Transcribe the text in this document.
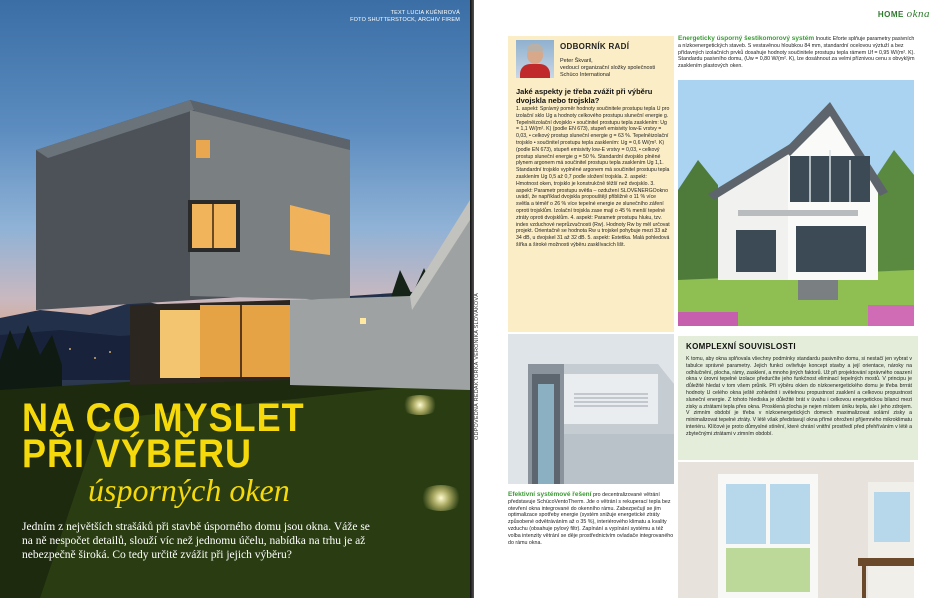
TEXT LUCIA KUĚNIROVÁ
FOTO SHUTTERSTOCK, ARCHIV FIREM
NA CO MYSLET
PŘI VÝBĚRU
úsporných oken
Jedním z největších strašáků při stavbě úsporného domu jsou okna. Váže se na ně nespočet detailů, slouží víc než jednomu účelu, nabídka na trhu je až nebezpečně široká. Co tedy určitě zvážit při jejich výběru?
ODPOVĚDNÁ REDAKTORKA VERONIKA SLOVÁKOVÁ
HOME okna
ODBORNÍK RADÍ
Peter Škvaril,
vedoucí organizační složky společnosti Schüco International
Jaké aspekty je třeba zvážit při výběru dvojskla nebo trojskla?
1. aspekt: Správný poměr hodnoty součinitele prostupu tepla U pro izolační sklo Ug a hodnoty celkového prostupu sluneční energie g. Tepelněizolační dvojsklo • součinitel prostupu tepla zasklením: Ug = 1,1 W/(m². K) (podle EN 673), stupeň emisivity low-E vrstvy = 0,03, • celkový prostup sluneční energie g = 63 %. Tepelněizolační trojsklo • součinitel prostupu tepla zasklením: Ug = 0,6 W/(m². K) (podle EN 673), stupeň emisivity low-E vrstvy = 0,03, • celkový prostup sluneční energie g = 50 %. Standardní dvojsklo plněné plynem argonem má součinitel prostupu tepla zasklením Ug 1,1. Standardní trojsklo vyplněné argonem má součinitel prostupu tepla zasklením Ug 0,5 až 0,7 podle složení trojskla. 2. aspekt: Hmotnost oken, trojsklo je konstrukčně těžší než dvojsklo. 3. aspekt: Parametr prostupu světla – ozdužení SLOVENERGOokno uvádí, že například dvojskla propouštějí přibližně o 11 % více světla a téměř o 26 % více tepelné energie ze slunečního záření oproti trojsklům. Izolační trojskla zase mají o 45 % menší tepelné ztráty oproti dvojsklům. 4. aspekt: Parametr prostupu hluku, tzv. index vzduchové neprůzvučnosti (Rw). Hodnoty Rw by měl určovat projekt. Orientačně se hodnota Rw u trojskel pohybuje mezi 33 až 34 dB, u dvojskel 31 až 32 dB. 5. aspekt: Estetika. Malá pohledová šířka a široké možnosti výběru zasklívacích lišt.
Efektivní systémové řešení pro decentralizované větrání představuje SchücoVentoTherm. Jde o větrání s rekuperací tepla bez otevření okna integrované do okenního rámu. Zabezpečují se jím optimalizace spotřeby energie (systém snižuje energetické ztráty způsobené odvětráváním až o 35 %), interiérového klimatu a kvality vzduchu (obsahuje pylový filtr). Zapínání a vypínání systému a též volba intenzity větrání se děje prostřednictvím ovladače integrovaného do rámu okna.
Energeticky úsporný šestikomorový systém Inoutic Eforte splňuje parametry pasivních a nízkoenergetických staveb. S vestavěnou hloubkou 84 mm, standardní ocelovou výztuží a bez přídavných izolačních prvků dosahuje hodnoty součinitele prostupu tepla rámem Uf = 0,95 W/(m². K). Standardu pasivního domu, (Uw = 0,80 W/(m². K), lze dosáhnout za velmi příznivou cenu s obvyklým zasklením plastových oken.
KOMPLEXNÍ SOUVISLOSTI

K tomu, aby okna splňovala všechny podmínky standardu pasivního domu, si nestačí jen vybrat v tabulce správné parametry. Jejich funkci ovlivňuje koncept stavby a její orientace, nároky na odhlučnění, plocha, rámy, zasklení, a mnoho jiných faktorů. Už při projektování správného osazení okna v úrovni tepelné izolace předurčíte jeho funkčnost eliminací tepelných mostů. V principu je důležité hledat v tom všem průnik. Při výběru okien do nízkoenergetického domu je třeba brrrát hodnoty U celého okna ještě zohlednit i světelnou propustnost zasklení a celkovou propustnost sluneční energie. Z tohoto hlediska je důležité brát v úvahu i celkovou energetickou bilanci mezi zisky a ztrátami tepla přes okna. Prosklená plocha je nejen místem úniku tepla, ale i jeho zdrojem. V zimním období je třeba v nízkoenergetických domech maximalizovat solární zisky a minimalizovat tepelné ztráty. V létě však představují okna přímé ohrožení příjemného mikroklimatu interiéru. Klíčové je proto důmyslné stínění, které chrání vnitřní prostředí před přehříváním v létě a zbytečnými ztrátami v zimním období.
